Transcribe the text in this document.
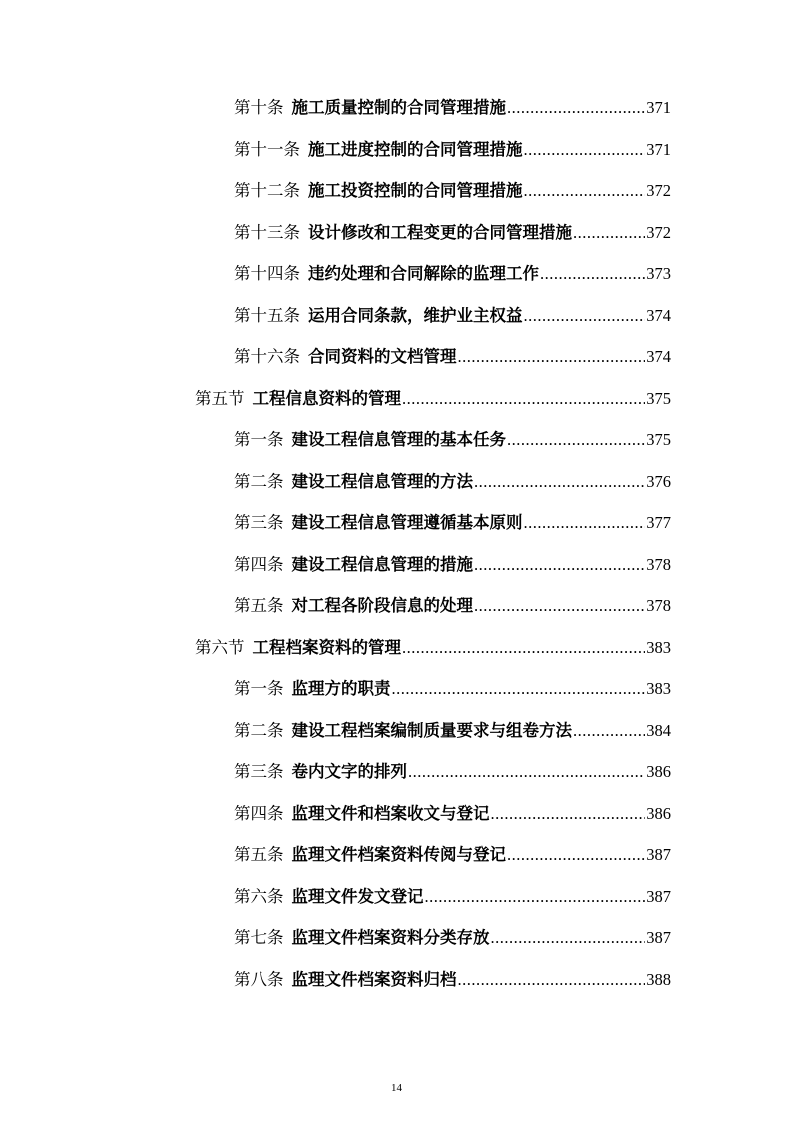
第十条 施工质量控制的合同管理措施 .....	371
第十一条 施工进度控制的合同管理措施 .....	371
第十二条 施工投资控制的合同管理措施 .....	372
第十三条 设计修改和工程变更的合同管理措施 .....	372
第十四条 违约处理和合同解除的监理工作 .....	373
第十五条 运用合同条款，维护业主权益 .....	374
第十六条 合同资料的文档管理 .....	374
第五节 工程信息资料的管理 .....	375
第一条 建设工程信息管理的基本任务 .....	375
第二条 建设工程信息管理的方法 .....	376
第三条 建设工程信息管理遵循基本原则 .....	377
第四条 建设工程信息管理的措施 .....	378
第五条 对工程各阶段信息的处理 .....	378
第六节 工程档案资料的管理 .....	383
第一条 监理方的职责 .....	383
第二条 建设工程档案编制质量要求与组卷方法 .....	384
第三条 卷内文字的排列 .....	386
第四条 监理文件和档案收文与登记 .....	386
第五条 监理文件档案资料传阅与登记 .....	387
第六条 监理文件发文登记 .....	387
第七条 监理文件档案资料分类存放 .....	387
第八条 监理文件档案资料归档 .....	388
14
